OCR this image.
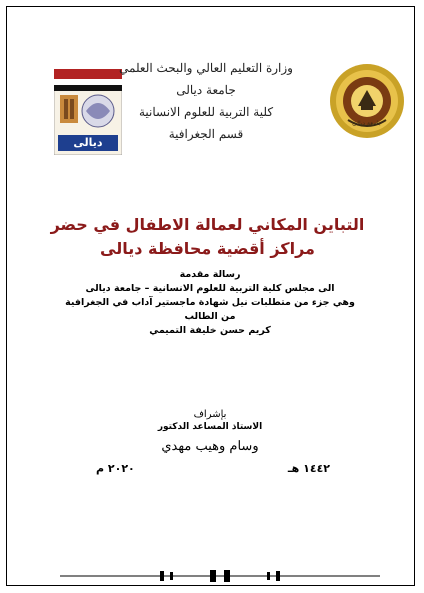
جامعة ديالى
ديالى
وزارة التعليم العالي والبحث العلمي
جامعة ديالى
كلية التربية للعلوم الانسانية
قسم الجغرافية
التباين المكاني لعمالة الاطفال في حضر
مراكز أقضية محافظة ديالى
رسالة مقدمة
الى مجلس كلية التربية للعلوم الانسانية – جامعة ديالى
وهي جزء من متطلبات نيل شهادة ماجستير آداب في الجغرافية
من الطالب
كريم حسن خليفة التميمي
بإشراف
الاستاذ المساعد الدكتور
وسام وهيب مهدي
١٤٤٢ هـ
٢٠٢٠ م
